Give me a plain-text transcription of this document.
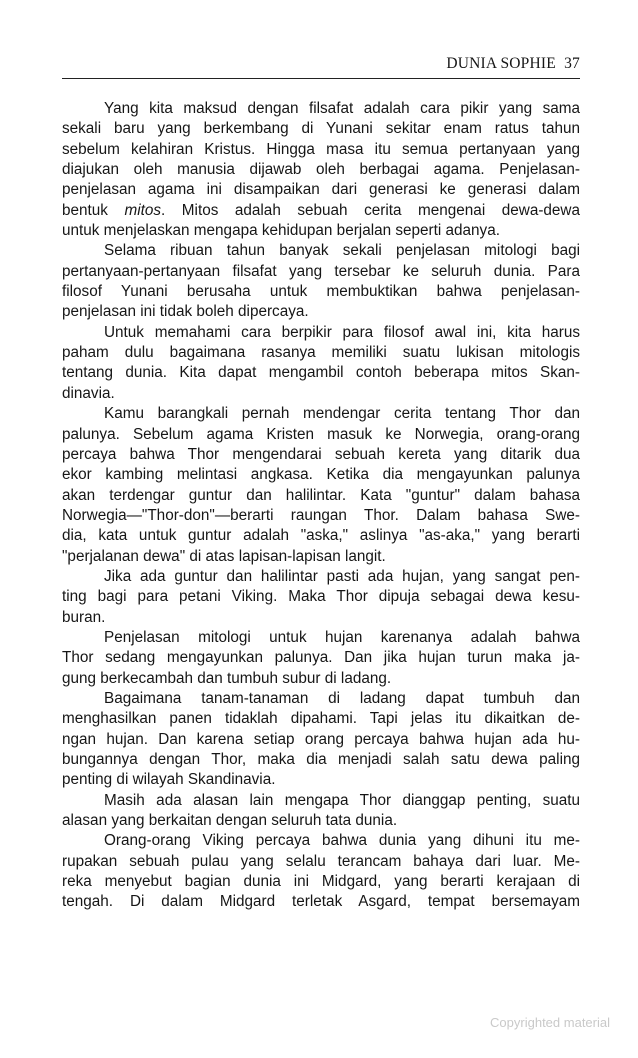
DUNIA SOPHIE 37
Yang kita maksud dengan filsafat adalah cara pikir yang sama
sekali baru yang berkembang di Yunani sekitar enam ratus tahun
sebelum kelahiran Kristus. Hingga masa itu semua pertanyaan yang
diajukan oleh manusia dijawab oleh berbagai agama. Penjelasan-
penjelasan agama ini disampaikan dari generasi ke generasi dalam
bentuk mitos. Mitos adalah sebuah cerita mengenai dewa-dewa
untuk menjelaskan mengapa kehidupan berjalan seperti adanya.
Selama ribuan tahun banyak sekali penjelasan mitologi bagi
pertanyaan-pertanyaan filsafat yang tersebar ke seluruh dunia. Para
filosof Yunani berusaha untuk membuktikan bahwa penjelasan-
penjelasan ini tidak boleh dipercaya.
Untuk memahami cara berpikir para filosof awal ini, kita harus
paham dulu bagaimana rasanya memiliki suatu lukisan mitologis
tentang dunia. Kita dapat mengambil contoh beberapa mitos Skan-
dinavia.
Kamu barangkali pernah mendengar cerita tentang Thor dan
palunya. Sebelum agama Kristen masuk ke Norwegia, orang-orang
percaya bahwa Thor mengendarai sebuah kereta yang ditarik dua
ekor kambing melintasi angkasa. Ketika dia mengayunkan palunya
akan terdengar guntur dan halilintar. Kata "guntur" dalam bahasa
Norwegia—"Thor-don"—berarti raungan Thor. Dalam bahasa Swe-
dia, kata untuk guntur adalah "aska," aslinya "as-aka," yang berarti
"perjalanan dewa" di atas lapisan-lapisan langit.
Jika ada guntur dan halilintar pasti ada hujan, yang sangat pen-
ting bagi para petani Viking. Maka Thor dipuja sebagai dewa kesu-
buran.
Penjelasan mitologi untuk hujan karenanya adalah bahwa
Thor sedang mengayunkan palunya. Dan jika hujan turun maka ja-
gung berkecambah dan tumbuh subur di ladang.
Bagaimana tanam-tanaman di ladang dapat tumbuh dan
menghasilkan panen tidaklah dipahami. Tapi jelas itu dikaitkan de-
ngan hujan. Dan karena setiap orang percaya bahwa hujan ada hu-
bungannya dengan Thor, maka dia menjadi salah satu dewa paling
penting di wilayah Skandinavia.
Masih ada alasan lain mengapa Thor dianggap penting, suatu
alasan yang berkaitan dengan seluruh tata dunia.
Orang-orang Viking percaya bahwa dunia yang dihuni itu me-
rupakan sebuah pulau yang selalu terancam bahaya dari luar. Me-
reka menyebut bagian dunia ini Midgard, yang berarti kerajaan di
tengah. Di dalam Midgard terletak Asgard, tempat bersemayam
Copyrighted material
